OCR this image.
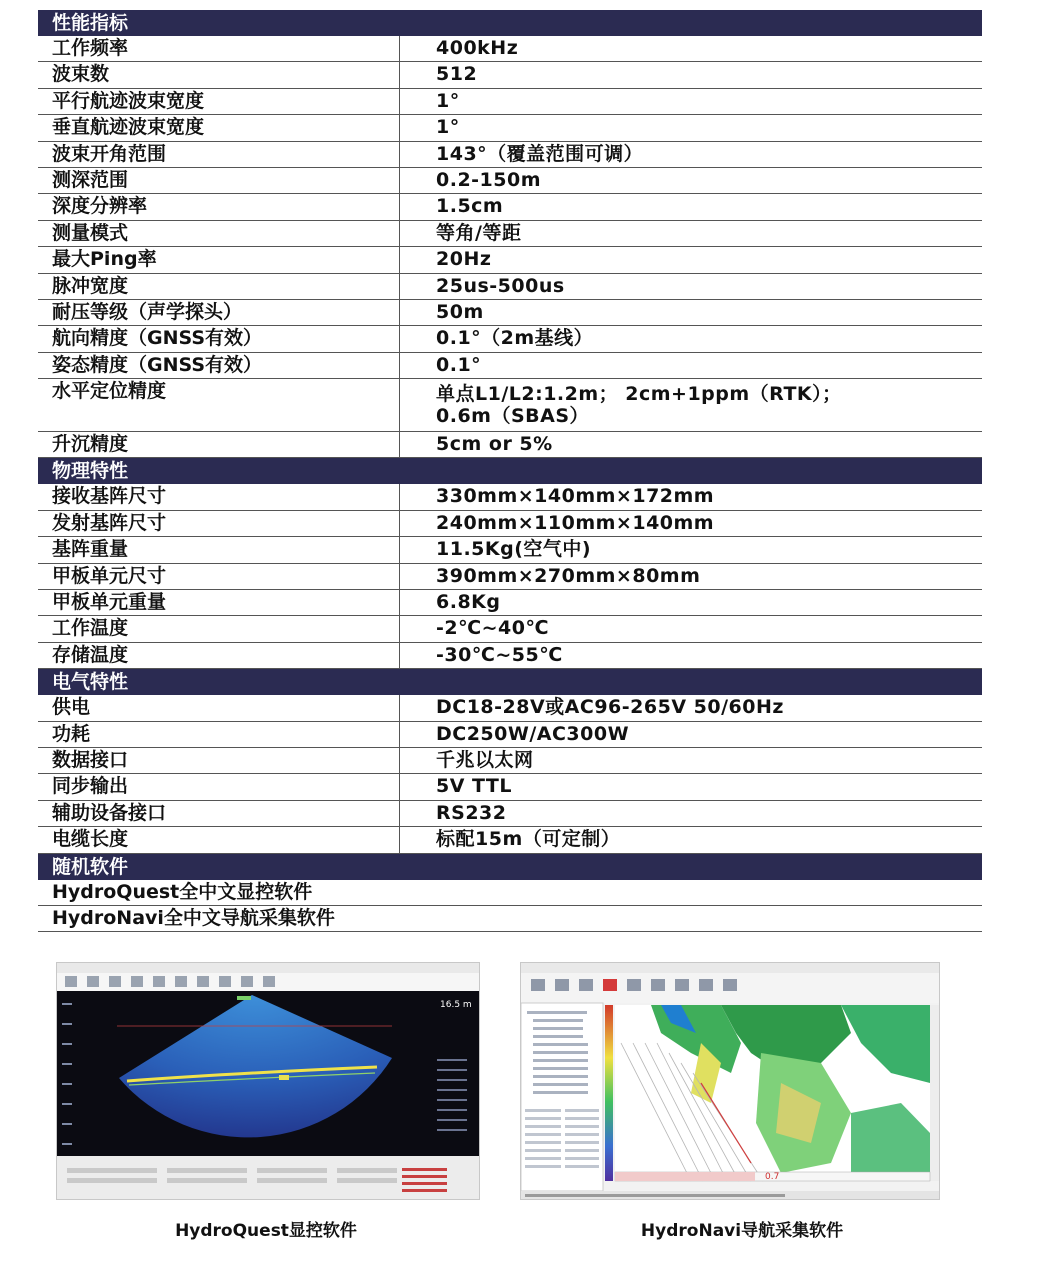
性能指标
工作频率	400kHz
波束数	512
平行航迹波束宽度	1°
垂直航迹波束宽度	1°
波束开角范围	143°（覆盖范围可调）
测深范围	0.2-150m
深度分辨率	1.5cm
测量模式	等角/等距
最大Ping率	20Hz
脉冲宽度	25us-500us
耐压等级（声学探头）	50m
航向精度（GNSS有效）	0.1°（2m基线）
姿态精度（GNSS有效）	0.1°
水平定位精度	单点L1/L2:1.2m； 2cm+1ppm（RTK）；
0.6m（SBAS）
升沉精度	5cm or 5%
物理特性
接收基阵尺寸	330mm×140mm×172mm
发射基阵尺寸	240mm×110mm×140mm
基阵重量	11.5Kg(空气中)
甲板单元尺寸	390mm×270mm×80mm
甲板单元重量	6.8Kg
工作温度	-2℃~40℃
存储温度	-30℃~55℃
电气特性
供电	DC18-28V或AC96-265V 50/60Hz
功耗	DC250W/AC300W
数据接口	千兆以太网
同步输出	5V TTL
辅助设备接口	RS232
电缆长度	标配15m（可定制）
随机软件
HydroQuest全中文显控软件
HydroNavi全中文导航采集软件
16.5 m
0.7
HydroQuest显控软件	HydroNavi导航采集软件
